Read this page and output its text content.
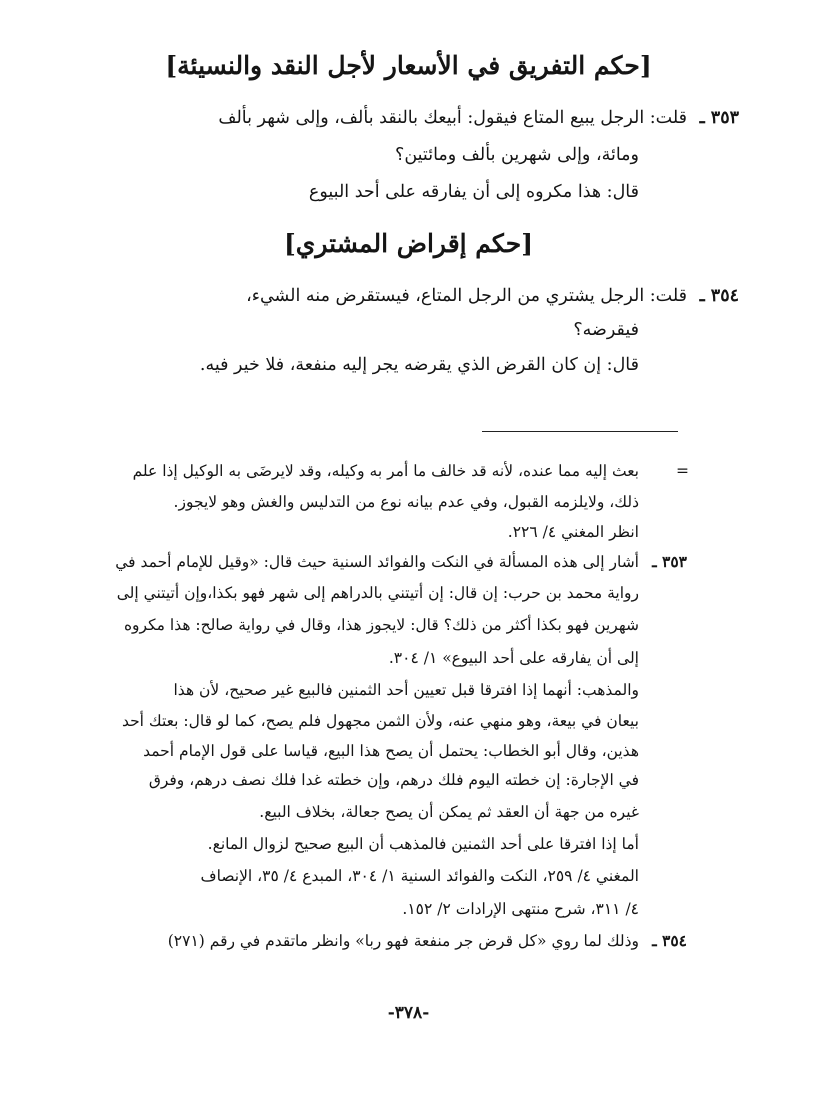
[حكم التفريق في الأسعار لأجل النقد والنسيئة]
٣٥٣ ـ
قلت: الرجل يبيع المتاع فيقول: أبيعك بالنقد بألف، وإلى شهر بألف
ومائة، وإلى شهرين بألف ومائتين؟
قال: هذا مكروه إلى أن يفارقه على أحد البيوع
[حكم إقراض المشتري]
٣٥٤ ـ
قلت: الرجل يشتري من الرجل المتاع، فيستقرض منه الشيء،
فيقرضه؟
قال: إن كان القرض الذي يقرضه يجر إليه منفعة، فلا خير فيه.
=
بعث إليه مما عنده، لأنه قد خالف ما أمر به وكيله، وقد لايرضَى به الوكيل إذا علم
ذلك، ولايلزمه القبول، وفي عدم بيانه نوع من التدليس والغش وهو لايجوز.
انظر المغني ٤/ ٢٢٦.
٣٥٣ ـ
أشار إلى هذه المسألة في النكت والفوائد السنية حيث قال: «وقيل للإمام أحمد في
رواية محمد بن حرب: إن قال: إن أتيتني بالدراهم إلى شهر فهو بكذا،وإن أتيتني إلى
شهرين فهو بكذا أكثر من ذلك؟ قال: لايجوز هذا، وقال في رواية صالح: هذا مكروه
إلى أن يفارقه على أحد البيوع» ١/ ٣٠٤.
والمذهب: أنهما إذا افترقا قبل تعيين أحد الثمنين فالبيع غير صحيح، لأن هذا
بيعان في بيعة، وهو منهي عنه، ولأن الثمن مجهول فلم يصح، كما لو قال: بعتك أحد
هذين، وقال أبو الخطاب: يحتمل أن يصح هذا البيع، قياسا على قول الإمام أحمد
في الإجارة: إن خطته اليوم فلك درهم، وإن خطته غدا فلك نصف درهم، وفرق
غيره من جهة أن العقد ثم يمكن أن يصح جعالة، بخلاف البيع.
أما إذا افترقا على أحد الثمنين فالمذهب أن البيع صحيح لزوال المانع.
المغني ٤/ ٢٥٩، النكت والفوائد السنية ١/ ٣٠٤، المبدع ٤/ ٣٥، الإنصاف
٤/ ٣١١، شرح منتهى الإرادات ٢/ ١٥٢.
٣٥٤ ـ
وذلك لما روي «كل قرض جر منفعة فهو ربا» وانظر ماتقدم في رقم (٢٧١)
-٣٧٨-
